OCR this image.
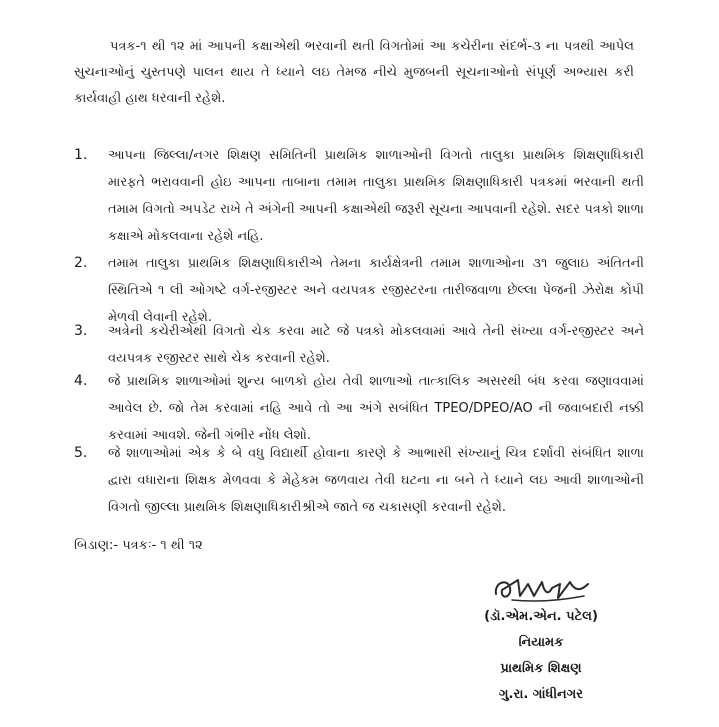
પત્રક-૧ થી ૧૨ માં આપની કક્ષાએથી ભરવાની થતી વિગતોમાં આ કચેરીના સંદર્ભ-૩ ના પત્રથી આપેલ સુચનાઓનું ચુસ્તપણે પાલન થાય તે ધ્યાને લઇ તેમજ નીચે મુજબની સૂચનાઓનો સંપૂર્ણ અભ્યાસ કરી કાર્યવાહી હાથ ધરવાની રહેશે.

1. આપના જિલ્લા/નગર શિક્ષણ સમિતિની પ્રાથમિક શાળાઓની વિગતો તાલુકા પ્રાથમિક શિક્ષણાધિકારી મારફતે ભરાવવાની હોઇ આપના તાબાના તમામ તાલુકા પ્રાથમિક શિક્ષણાધિકારી પત્રકમાં ભરવાની થતી તમામ વિગતો અપડેટ રાખે તે અંગેની આપની કક્ષાએથી જરૂરી સૂચના આપવાની રહેશે. સદર પત્રકો શાળા કક્ષાએ મોકલવાના રહેશે નહિ.
2. તમામ તાલુકા પ્રાથમિક શિક્ષણાધિકારીએ તેમના કાર્યક્ષેત્રની તમામ શાળાઓના ૩૧ જુલાઇ અંતિતની સ્થિતિએ ૧ લી ઓગષ્ટે વર્ગ-રજીસ્ટર અને વયપત્રક રજીસ્ટરના તારીજવાળા છેલ્લા પેજની ઝેરોક્ષ કોપી મેળવી લેવાની રહેશે.
3. અત્રેની કચેરીએથી વિગતો ચેક કરવા માટે જે પત્રકો મોકલવામાં આવે તેની સંખ્યા વર્ગ-રજીસ્ટર અને વયપત્રક રજીસ્ટર સાથે ચેક કરવાની રહેશે.
4. જે પ્રાથમિક શાળાઓમાં શુન્ય બાળકો હોય તેવી શાળાઓ તાત્કાલિક અસરથી બંધ કરવા જણાવવામાં આવેલ છે. જો તેમ કરવામાં નહિ આવે તો આ અંગે સબંધિત TPEO/DPEO/AO ની જવાબદારી નક્કી કરવામાં આવશે. જેની ગંભીર નોંધ લેશો.
5. જે શાળાઓમાં એક કે બે વધુ વિદ્યાર્થી હોવાના કારણે કે આભાસી સંખ્યાનું ચિત્ર દર્શાવી સંબંધિત શાળા દ્વારા વધારાના શિક્ષક મેળવવા કે મેહેકમ જળવાય તેવી ઘટના ના બને તે ધ્યાને લઇ આવી શાળાઓની વિગતો જીલ્લા પ્રાથમિક શિક્ષણાધિકારીશ્રીએ જાતે જ ચકાસણી કરવાની રહેશે.
બિડાણ:- પત્રકઃ- ૧ થી ૧૨
(ડૉ.એમ.એન. પટેલ)
નિયામક
પ્રાથમિક શિક્ષણ
ગુ.રા. ગાંધીનગર
